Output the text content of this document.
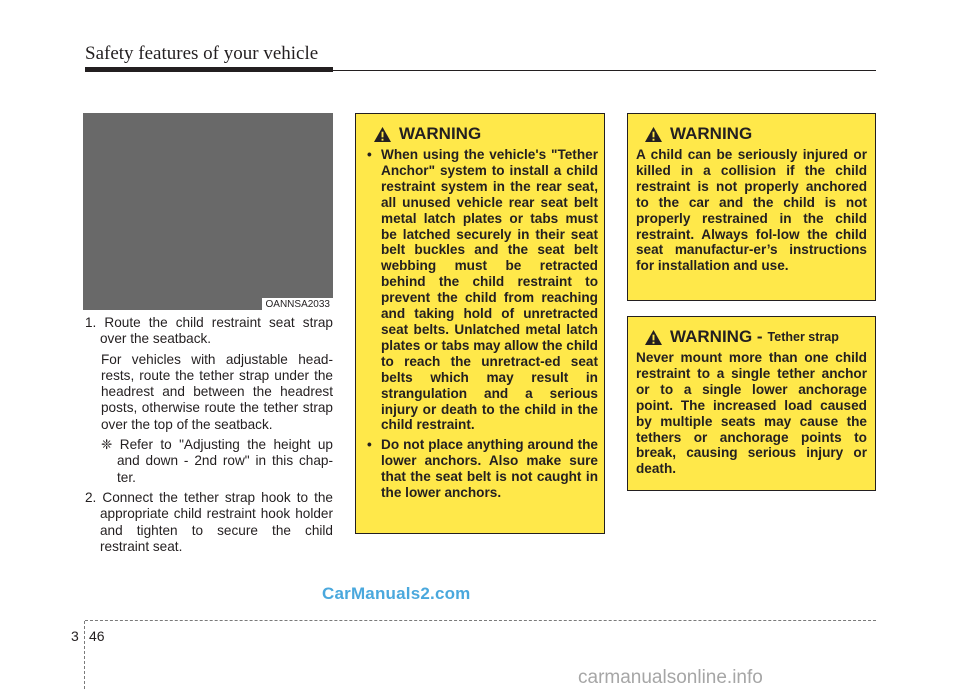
Safety features of your vehicle
OANNSA2033

1. Route the child restraint seat strap over the seatback.

For vehicles with adjustable head-rests, route the tether strap under the headrest and between the headrest posts, otherwise route the tether strap over the top of the seatback.

❈ Refer to "Adjusting the height up and down - 2nd row" in this chap-ter.

2. Connect the tether strap hook to the appropriate child restraint hook holder and tighten to secure the child restraint seat.

WARNING
• When using the vehicle's "Tether Anchor" system to install a child restraint system in the rear seat, all unused vehicle rear seat belt metal latch plates or tabs must be latched securely in their seat belt buckles and the seat belt webbing must be retracted behind the child restraint to prevent the child from reaching and taking hold of unretracted seat belts. Unlatched metal latch plates or tabs may allow the child to reach the unretract-ed seat belts which may result in strangulation and a serious injury or death to the child in the child restraint.
• Do not place anything around the lower anchors. Also make sure that the seat belt is not caught in the lower anchors.
WARNING
A child can be seriously injured or killed in a collision if the child restraint is not properly anchored to the car and the child is not properly restrained in the child restraint. Always fol-low the child seat manufactur-er’s instructions for installation and use.
WARNING - Tether strap
Never mount more than one child restraint to a single tether anchor or to a single lower anchorage point. The increased load caused by multiple seats may cause the tethers or anchorage points to break, causing serious injury or death.
CarManuals2.com
3 46
carmanualsonline.info
